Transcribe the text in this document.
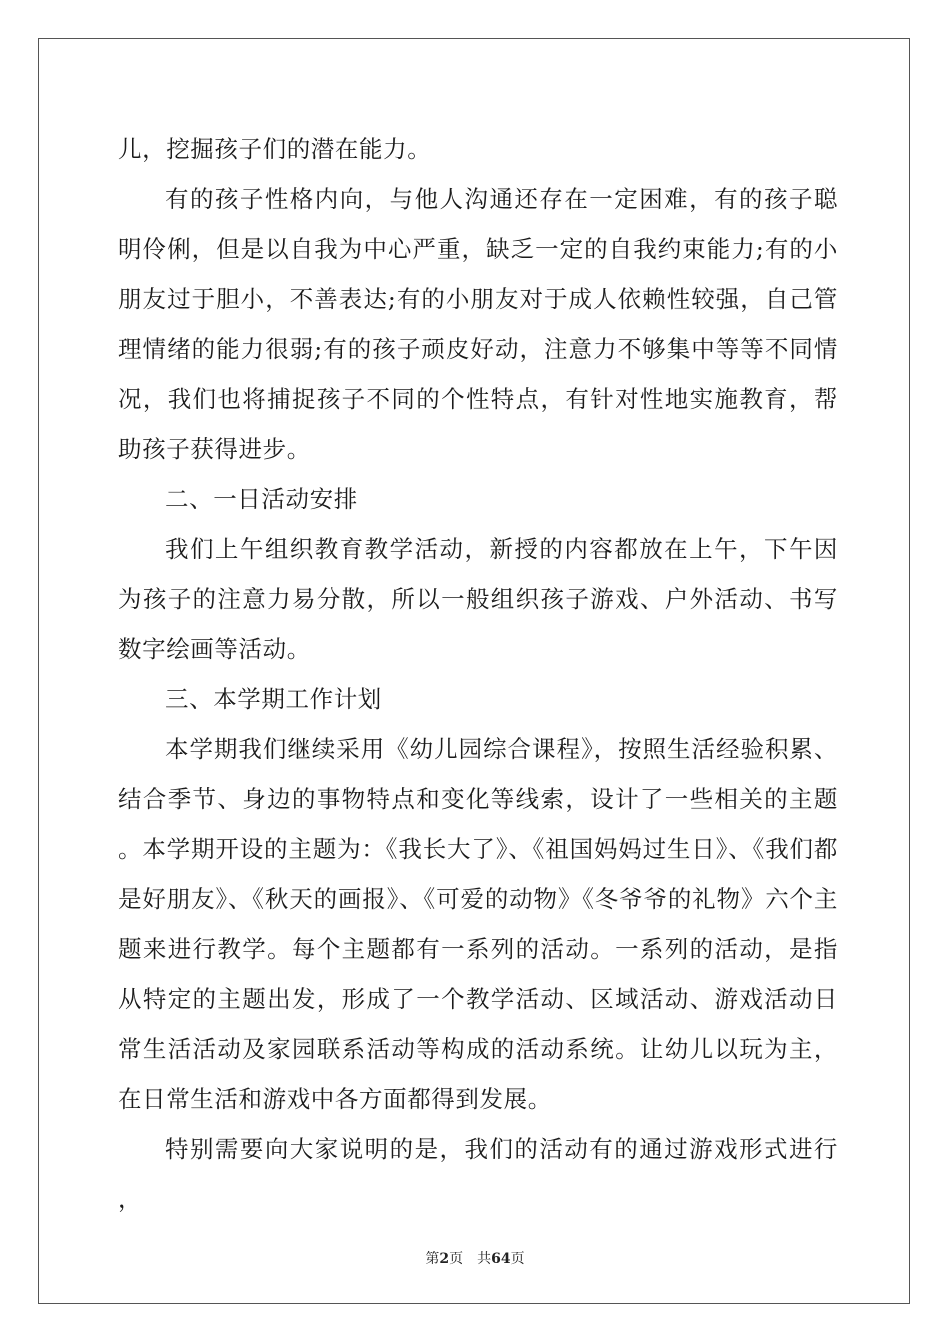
儿，挖掘孩子们的潜在能力。

有的孩子性格内向，与他人沟通还存在一定困难，有的孩子聪明伶俐，但是以自我为中心严重，缺乏一定的自我约束能力;有的小朋友过于胆小，不善表达;有的小朋友对于成人依赖性较强，自己管理情绪的能力很弱;有的孩子顽皮好动，注意力不够集中等等不同情况，我们也将捕捉孩子不同的个性特点，有针对性地实施教育，帮助孩子获得进步。

二、一日活动安排

我们上午组织教育教学活动，新授的内容都放在上午，下午因为孩子的注意力易分散，所以一般组织孩子游戏、户外活动、书写数字绘画等活动。

三、本学期工作计划

本学期我们继续采用《幼儿园综合课程》，按照生活经验积累、结合季节、身边的事物特点和变化等线索，设计了一些相关的主题。本学期开设的主题为：《我长大了》、《祖国妈妈过生日》、《我们都是好朋友》、《秋天的画报》、《可爱的动物》《冬爷爷的礼物》六个主题来进行教学。每个主题都有一系列的活动。一系列的活动，是指从特定的主题出发，形成了一个教学活动、区域活动、游戏活动日常生活活动及家园联系活动等构成的活动系统。让幼儿以玩为主，在日常生活和游戏中各方面都得到发展。

特别需要向大家说明的是，我们的活动有的通过游戏形式进行，

第2页 共64页
